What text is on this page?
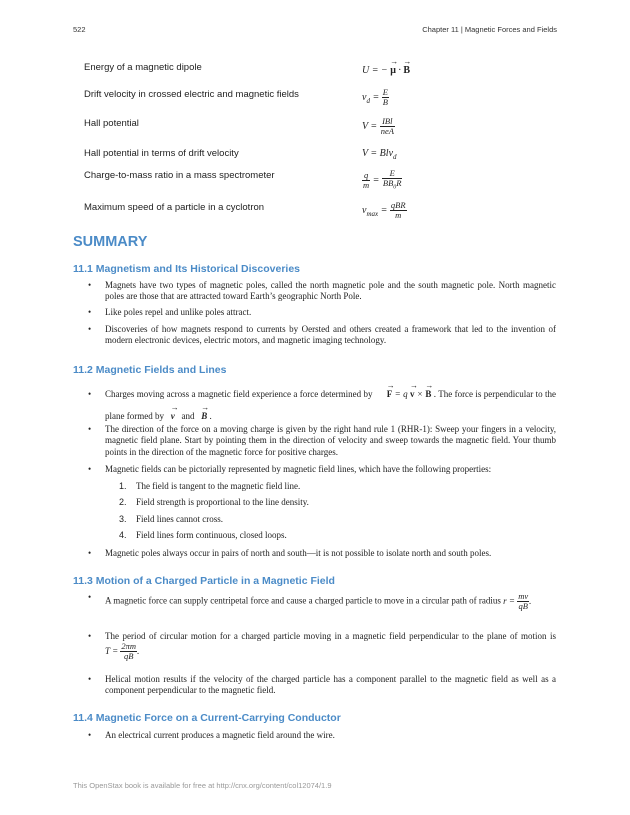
522	Chapter 11 | Magnetic Forces and Fields
Energy of a magnetic dipole	U = − → μ · → B
Drift velocity in crossed electric and magnetic fields	$v_d = \frac{E}{B}$
Hall potential	$V = \frac{\text{IBl}}{\text{neA}}$
Hall potential in terms of drift velocity	V = Blv$_d$
Charge-to-mass ratio in a mass spectrometer	$\frac{q}{m} = \frac{E}{BB_0R}$
Maximum speed of a particle in a cyclotron	$v_{max} = \frac{\text{qBR}}{m}$
SUMMARY
11.1 Magnetism and Its Historical Discoveries
• Magnets have two types of magnetic poles, called the north magnetic pole and the south magnetic pole. North magnetic poles are those that are attracted toward Earth’s geographic North Pole.
• Like poles repel and unlike poles attract.
• Discoveries of how magnets respond to currents by Oersted and others created a framework that led to the invention of modern electronic devices, electric motors, and magnetic imaging technology.
11.2 Magnetic Fields and Lines
• Charges moving across a magnetic field experience a force determined by → F = q → v × → B . The force is perpendicular to the plane formed by → v and → B .
• The direction of the force on a moving charge is given by the right hand rule 1 (RHR-1): Sweep your fingers in a velocity, magnetic field plane. Start by pointing them in the direction of velocity and sweep towards the magnetic field. Your thumb points in the direction of the magnetic force for positive charges.
• Magnetic fields can be pictorially represented by magnetic field lines, which have the following properties:
1. The field is tangent to the magnetic field line.
2. Field strength is proportional to the line density.
3. Field lines cannot cross.
4. Field lines form continuous, closed loops.
• Magnetic poles always occur in pairs of north and south—it is not possible to isolate north and south poles.
11.3 Motion of a Charged Particle in a Magnetic Field
• A magnetic force can supply centripetal force and cause a charged particle to move in a circular path of radius $r = \frac{mv}{qB}$ .
• The period of circular motion for a charged particle moving in a magnetic field perpendicular to the plane of motion is $T = \frac{2\pi m}{qB}$ .
• Helical motion results if the velocity of the charged particle has a component parallel to the magnetic field as well as a component perpendicular to the magnetic field.
11.4 Magnetic Force on a Current-Carrying Conductor
• An electrical current produces a magnetic field around the wire.
This OpenStax book is available for free at http://cnx.org/content/col12074/1.9
